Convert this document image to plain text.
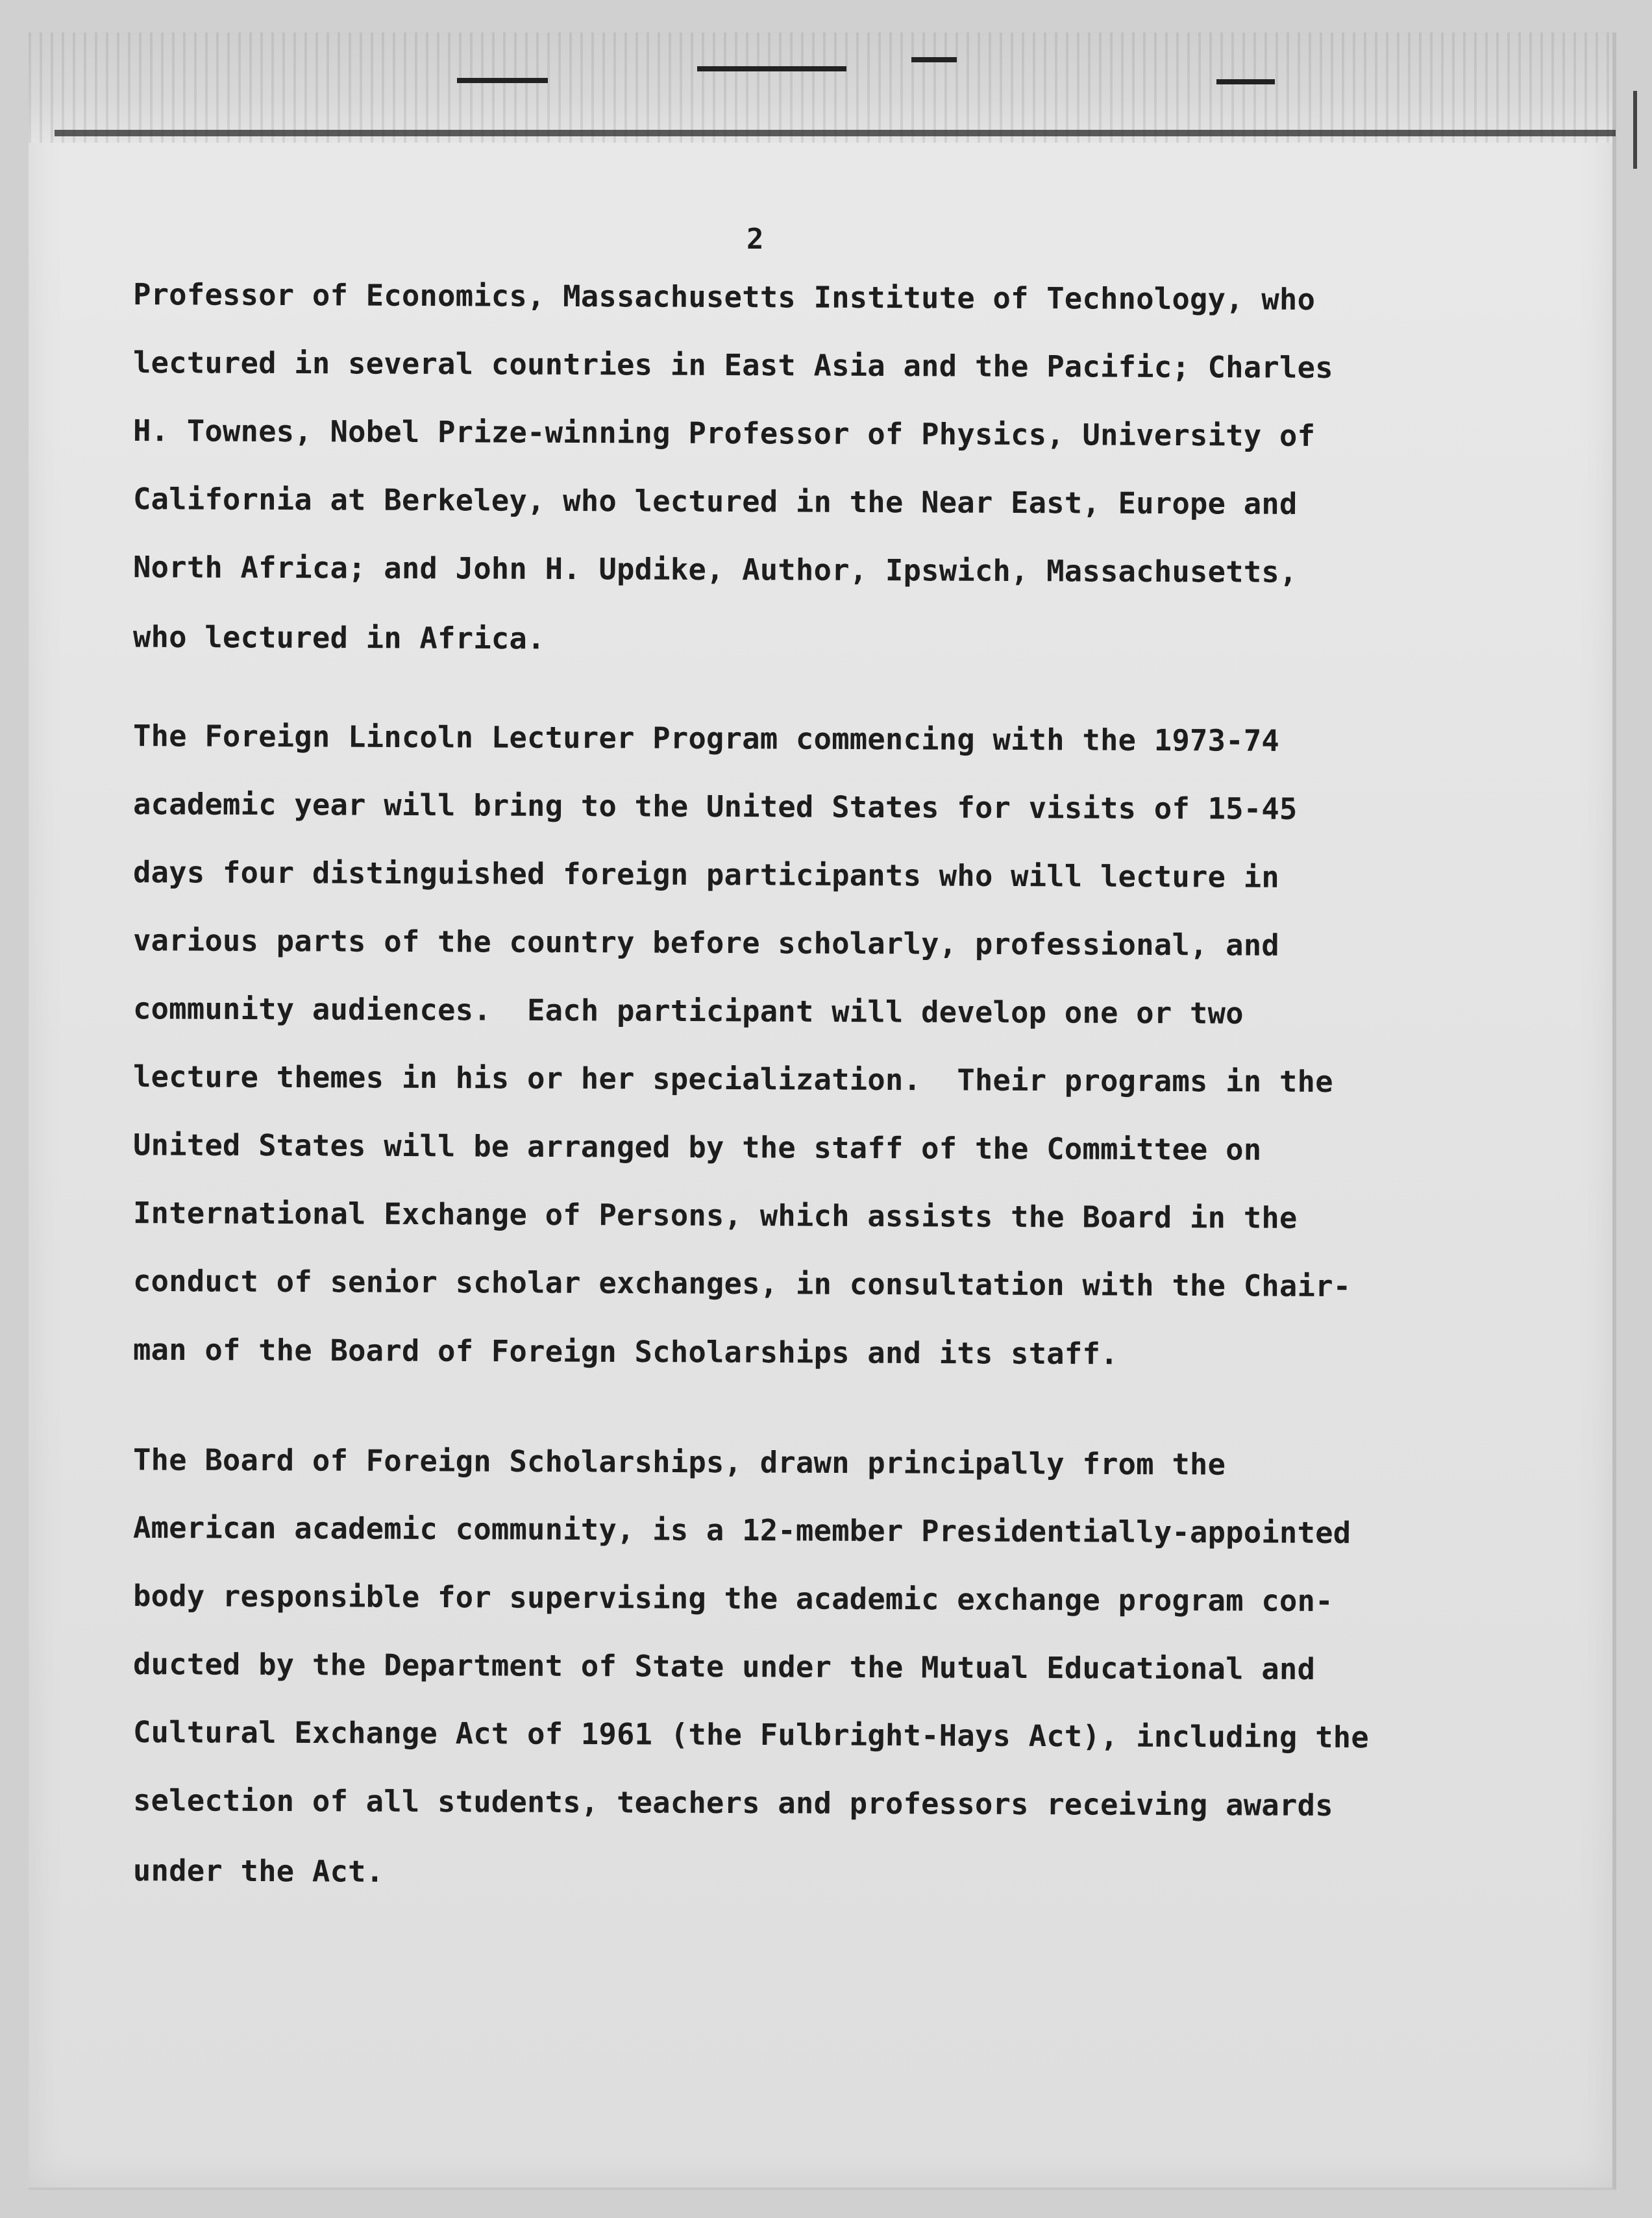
2
Professor of Economics, Massachusetts Institute of Technology, who
lectured in several countries in East Asia and the Pacific; Charles
H. Townes, Nobel Prize-winning Professor of Physics, University of
California at Berkeley, who lectured in the Near East, Europe and
North Africa; and John H. Updike, Author, Ipswich, Massachusetts,
who lectured in Africa.
The Foreign Lincoln Lecturer Program commencing with the 1973-74
academic year will bring to the United States for visits of 15-45
days four distinguished foreign participants who will lecture in
various parts of the country before scholarly, professional, and
community audiences.  Each participant will develop one or two
lecture themes in his or her specialization.  Their programs in the
United States will be arranged by the staff of the Committee on
International Exchange of Persons, which assists the Board in the
conduct of senior scholar exchanges, in consultation with the Chair-
man of the Board of Foreign Scholarships and its staff.
The Board of Foreign Scholarships, drawn principally from the
American academic community, is a 12-member Presidentially-appointed
body responsible for supervising the academic exchange program con-
ducted by the Department of State under the Mutual Educational and
Cultural Exchange Act of 1961 (the Fulbright-Hays Act), including the
selection of all students, teachers and professors receiving awards
under the Act.
